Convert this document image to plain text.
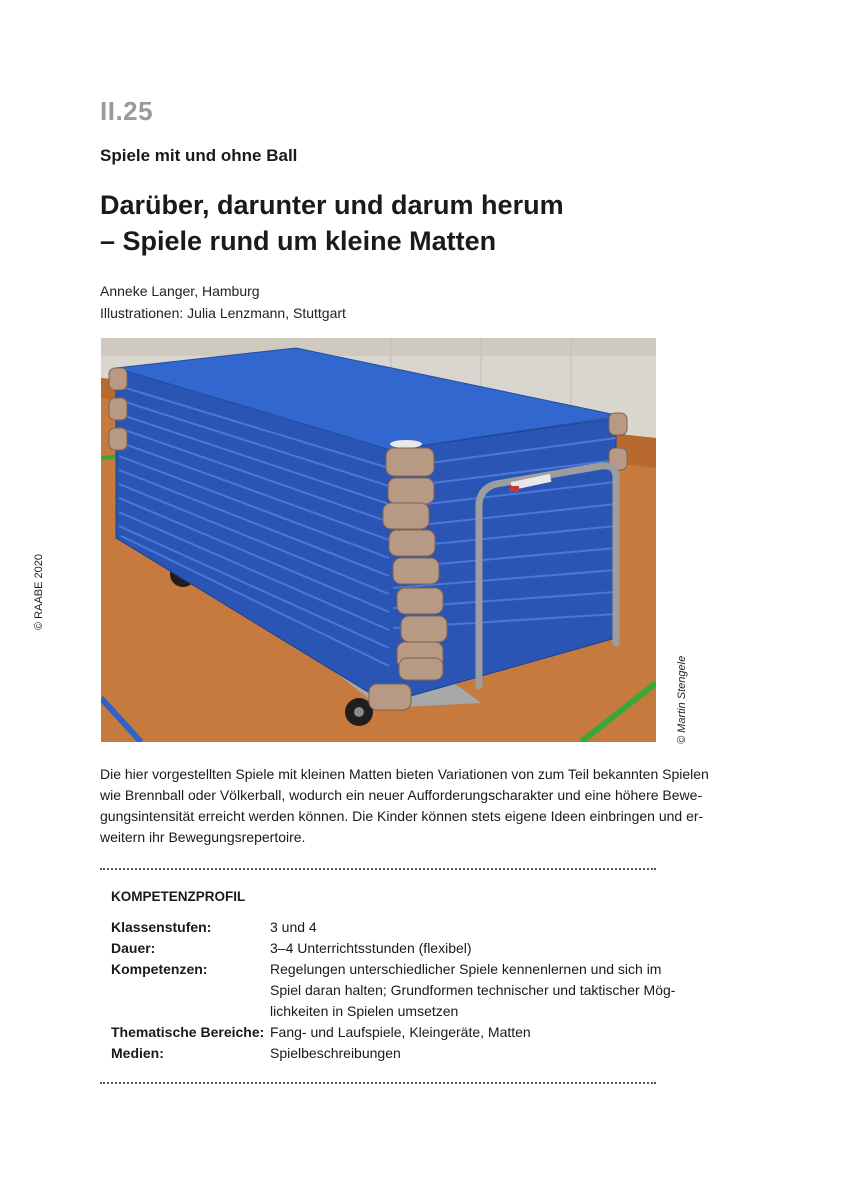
II.25
Spiele mit und ohne Ball
Darüber, darunter und darum herum
– Spiele rund um kleine Matten
Anneke Langer, Hamburg
Illustrationen: Julia Lenzmann, Stuttgart
© RAABE 2020
© Martin Stengele
Die hier vorgestellten Spiele mit kleinen Matten bieten Variationen von zum Teil bekannten Spielen
wie Brennball oder Völkerball, wodurch ein neuer Aufforderungscharakter und eine höhere Bewe-
gungsintensität erreicht werden können. Die Kinder können stets eigene Ideen einbringen und er-
weitern ihr Bewegungsrepertoire.
KOMPETENZPROFIL
Klassenstufen:	3 und 4
Dauer:	3–4 Unterrichtsstunden (flexibel)
Kompetenzen:	Regelungen unterschiedlicher Spiele kennenlernen und sich im
Spiel daran halten; Grundformen technischer und taktischer Mög-
lichkeiten in Spielen umsetzen
Thematische Bereiche: Fang- und Laufspiele, Kleingeräte, Matten
Medien:	Spielbeschreibungen
